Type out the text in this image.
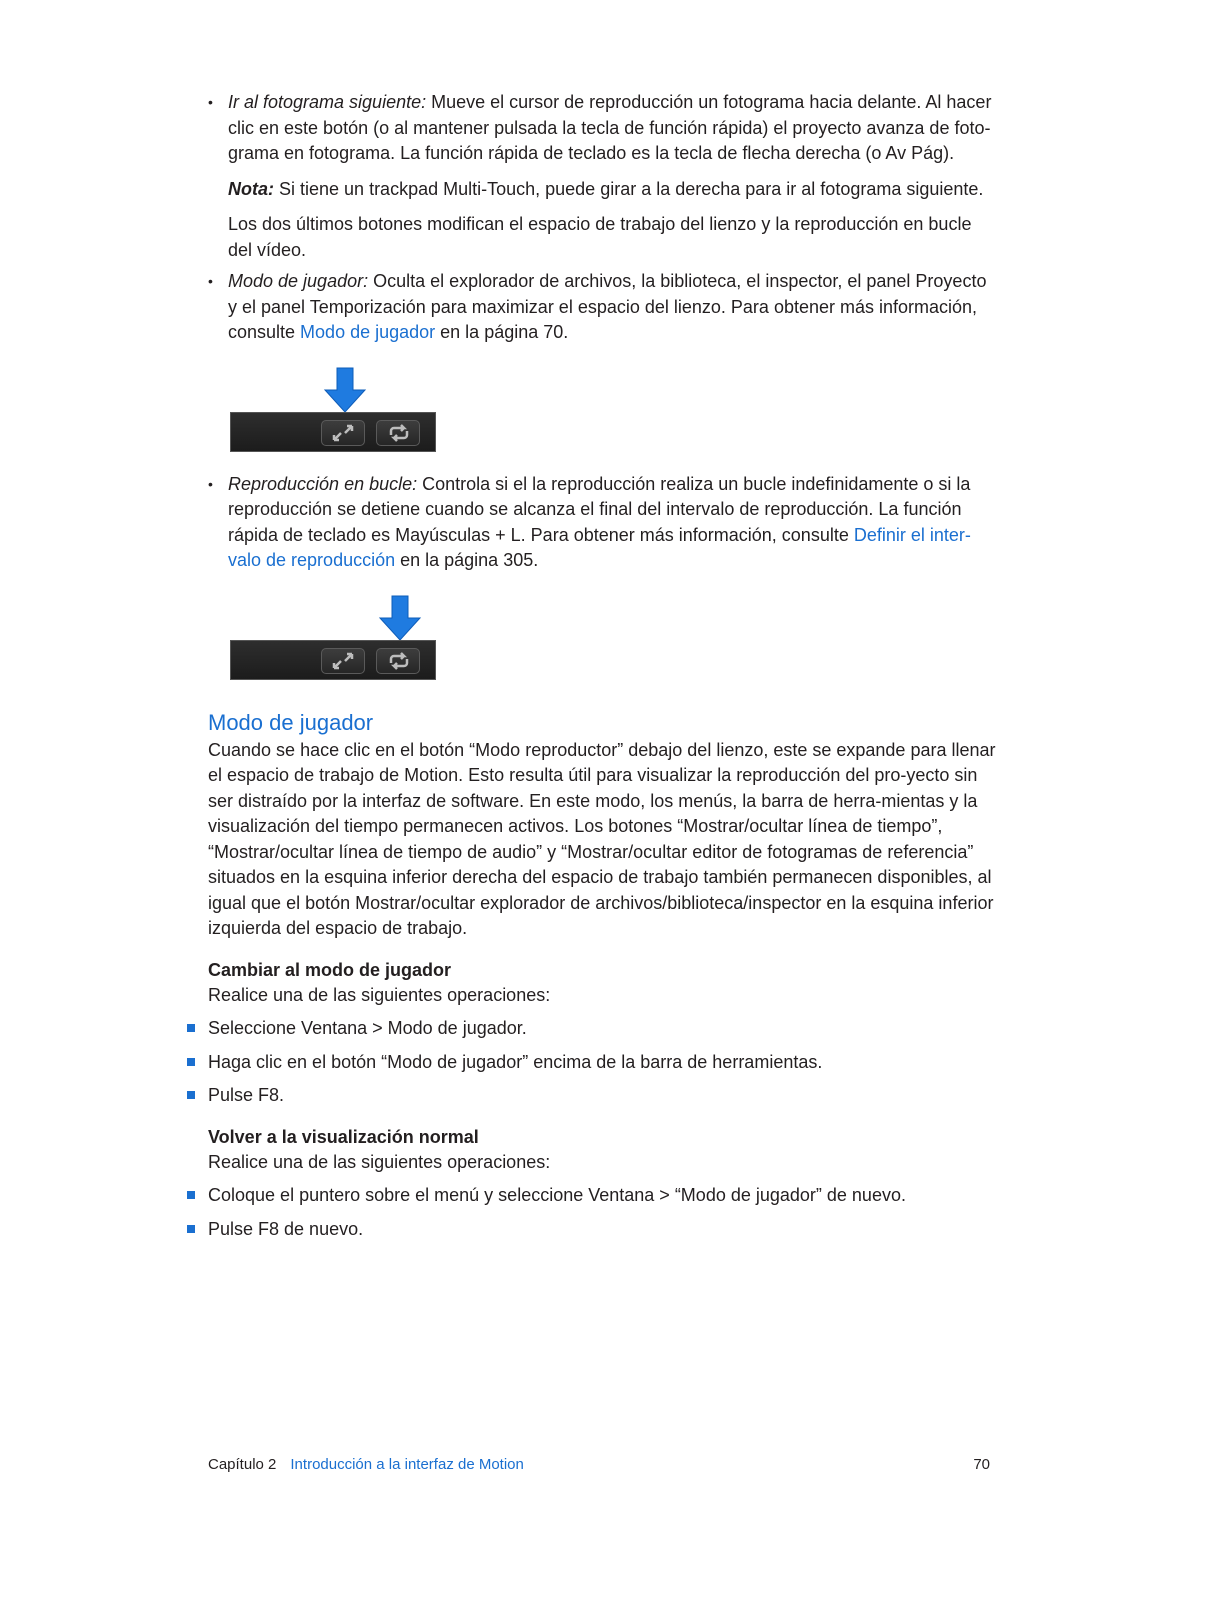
• Ir al fotograma siguiente: Mueve el cursor de reproducción un fotograma hacia delante. Al hacer clic en este botón (o al mantener pulsada la tecla de función rápida) el proyecto avanza de foto-grama en fotograma. La función rápida de teclado es la tecla de flecha derecha (o Av Pág).

Nota: Si tiene un trackpad Multi-Touch, puede girar a la derecha para ir al fotograma siguiente.

Los dos últimos botones modifican el espacio de trabajo del lienzo y la reproducción en bucle del vídeo.

• Modo de jugador: Oculta el explorador de archivos, la biblioteca, el inspector, el panel Proyecto y el panel Temporización para maximizar el espacio del lienzo. Para obtener más información, consulte Modo de jugador en la página 70.

• Reproducción en bucle: Controla si el la reproducción realiza un bucle indefinidamente o si la reproducción se detiene cuando se alcanza el final del intervalo de reproducción. La función rápida de teclado es Mayúsculas + L. Para obtener más información, consulte Definir el inter-valo de reproducción en la página 305.

Modo de jugador

Cuando se hace clic en el botón “Modo reproductor” debajo del lienzo, este se expande para llenar el espacio de trabajo de Motion. Esto resulta útil para visualizar la reproducción del pro-yecto sin ser distraído por la interfaz de software. En este modo, los menús, la barra de herra-mientas y la visualización del tiempo permanecen activos. Los botones “Mostrar/ocultar línea de tiempo”, “Mostrar/ocultar línea de tiempo de audio” y “Mostrar/ocultar editor de fotogramas de referencia” situados en la esquina inferior derecha del espacio de trabajo también permanecen disponibles, al igual que el botón Mostrar/ocultar explorador de archivos/biblioteca/inspector en la esquina inferior izquierda del espacio de trabajo.

Cambiar al modo de jugador

Realice una de las siguientes operaciones:

Seleccione Ventana > Modo de jugador.

Haga clic en el botón “Modo de jugador” encima de la barra de herramientas.

Pulse F8.

Volver a la visualización normal

Realice una de las siguientes operaciones:

Coloque el puntero sobre el menú y seleccione Ventana > “Modo de jugador” de nuevo.

Pulse F8 de nuevo.

Capítulo 2 Introducción a la interfaz de Motion	70
